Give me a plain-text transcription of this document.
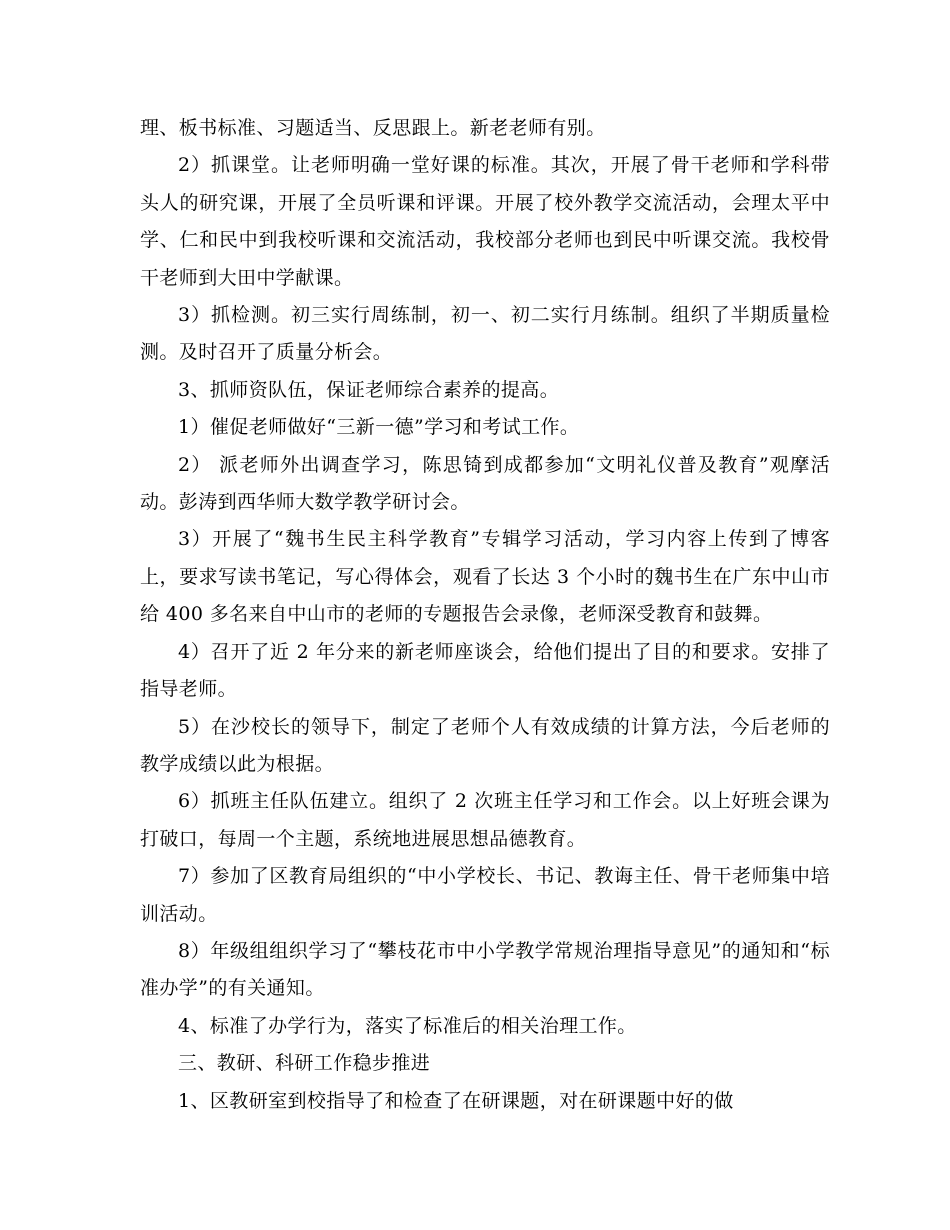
理、板书标准、习题适当、反思跟上。新老老师有别。

2）抓课堂。让老师明确一堂好课的标准。其次，开展了骨干老师和学科带头人的研究课，开展了全员听课和评课。开展了校外教学交流活动，会理太平中学、仁和民中到我校听课和交流活动，我校部分老师也到民中听课交流。我校骨干老师到大田中学献课。

3）抓检测。初三实行周练制，初一、初二实行月练制。组织了半期质量检测。及时召开了质量分析会。

3、抓师资队伍，保证老师综合素养的提高。

1）催促老师做好“三新一德”学习和考试工作。

2） 派老师外出调查学习，陈思锜到成都参加“文明礼仪普及教育”观摩活动。彭涛到西华师大数学教学研讨会。

3）开展了“魏书生民主科学教育”专辑学习活动，学习内容上传到了博客上，要求写读书笔记，写心得体会，观看了长达 3 个小时的魏书生在广东中山市给 400 多名来自中山市的老师的专题报告会录像，老师深受教育和鼓舞。

4）召开了近 2 年分来的新老师座谈会，给他们提出了目的和要求。安排了指导老师。

5）在沙校长的领导下，制定了老师个人有效成绩的计算方法，今后老师的教学成绩以此为根据。

6）抓班主任队伍建立。组织了 2 次班主任学习和工作会。以上好班会课为打破口，每周一个主题，系统地进展思想品德教育。

7）参加了区教育局组织的“中小学校长、书记、教诲主任、骨干老师集中培训活动。

8）年级组组织学习了“攀枝花市中小学教学常规治理指导意见”的通知和“标准办学”的有关通知。

4、标准了办学行为，落实了标准后的相关治理工作。

三、教研、科研工作稳步推进

1、区教研室到校指导了和检查了在研课题，对在研课题中好的做
